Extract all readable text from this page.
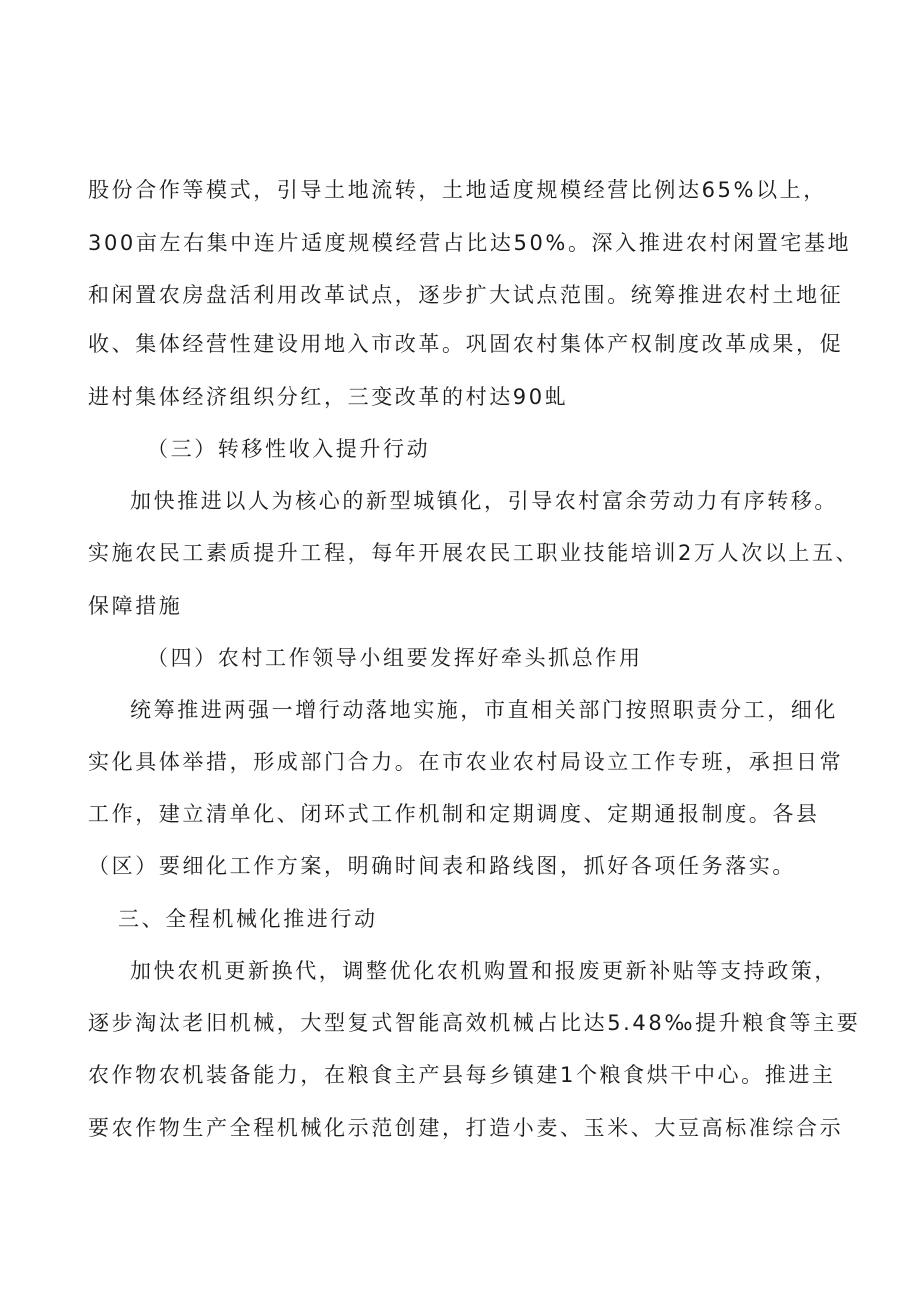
股份合作等模式，引导土地流转，土地适度规模经营比例达65%以上，
300亩左右集中连片适度规模经营占比达50%。深入推进农村闲置宅基地
和闲置农房盘活利用改革试点，逐步扩大试点范围。统筹推进农村土地征
收、集体经营性建设用地入市改革。巩固农村集体产权制度改革成果，促
进村集体经济组织分红，三变改革的村达90虬
（三）转移性收入提升行动
加快推进以人为核心的新型城镇化，引导农村富余劳动力有序转移。
实施农民工素质提升工程，每年开展农民工职业技能培训2万人次以上五、
保障措施
（四）农村工作领导小组要发挥好牵头抓总作用
统筹推进两强一增行动落地实施，市直相关部门按照职责分工，细化
实化具体举措，形成部门合力。在市农业农村局设立工作专班，承担日常
工作，建立清单化、闭环式工作机制和定期调度、定期通报制度。各县
（区）要细化工作方案，明确时间表和路线图，抓好各项任务落实。
三、全程机械化推进行动
加快农机更新换代，调整优化农机购置和报废更新补贴等支持政策，
逐步淘汰老旧机械，大型复式智能高效机械占比达5.48‰提升粮食等主要
农作物农机装备能力，在粮食主产县每乡镇建1个粮食烘干中心。推进主
要农作物生产全程机械化示范创建，打造小麦、玉米、大豆高标准综合示
